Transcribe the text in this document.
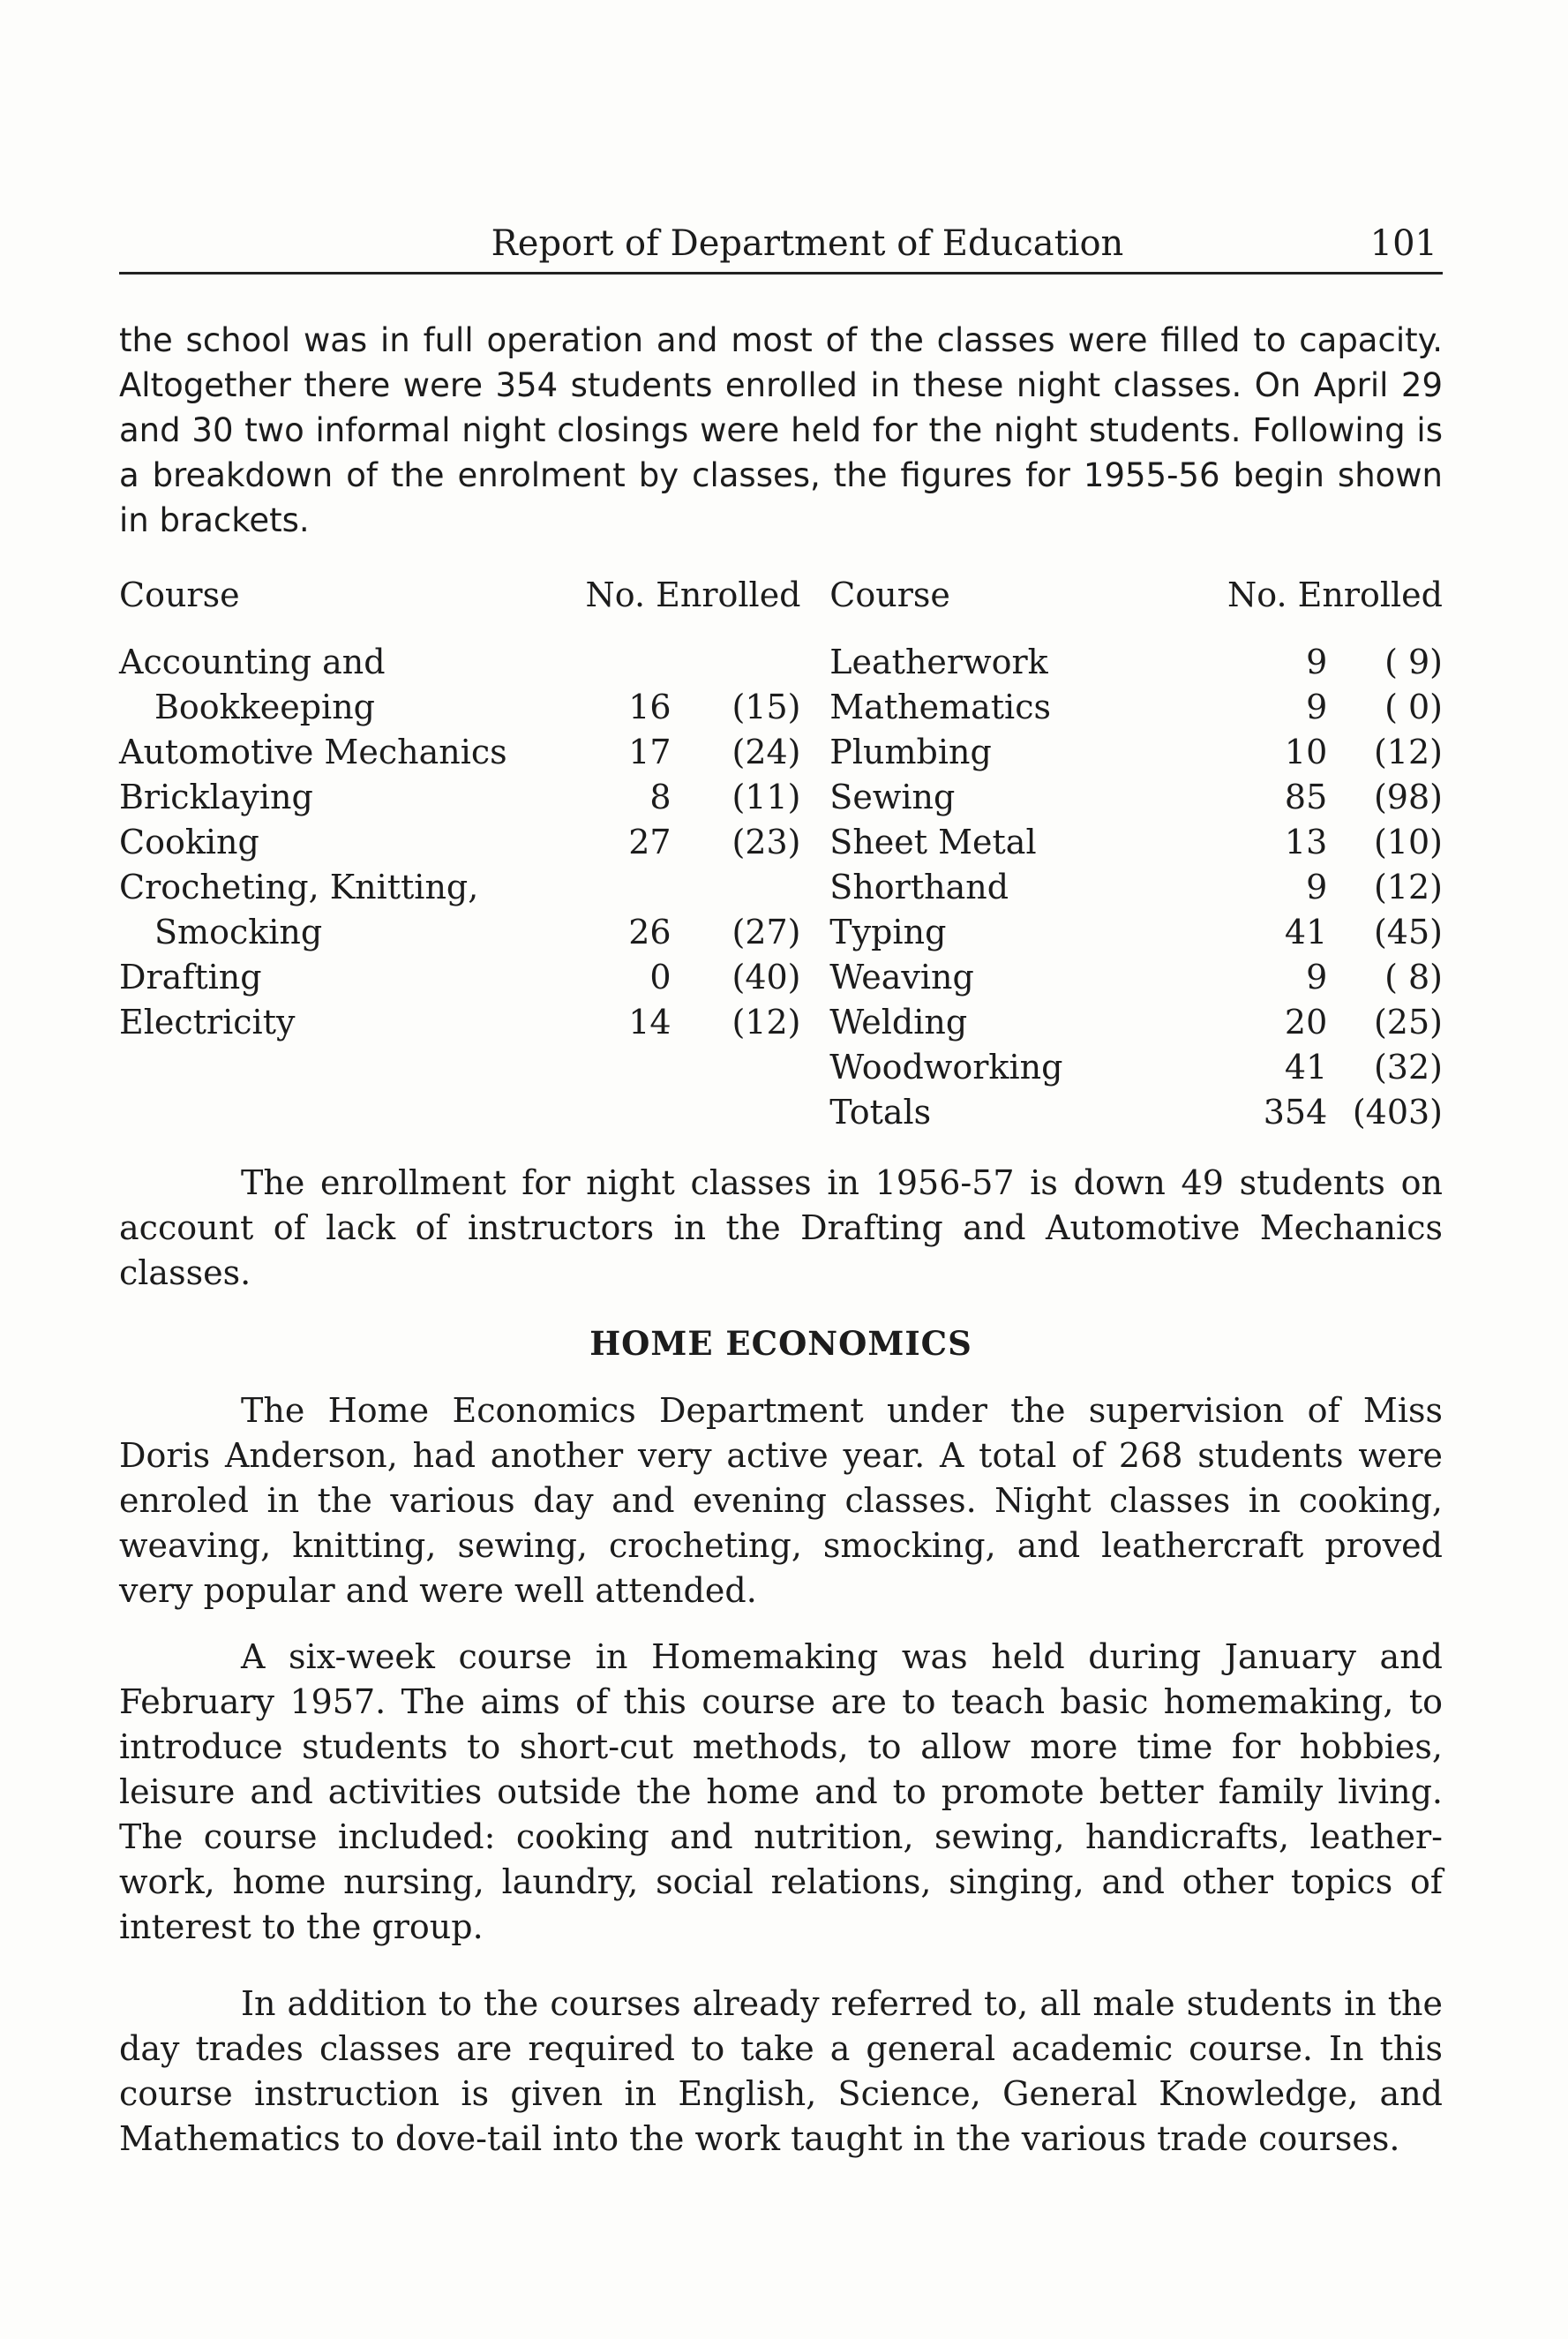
Report of Department of Education	101

the school was in full operation and most of the classes were filled to capacity. Altogether there were 354 students enrolled in these night classes. On April 29 and 30 two informal night closings were held for the night students. Following is a breakdown of the enrolment by classes, the figures for 1955-56 begin shown in brackets.

Course	No. Enrolled			Course	No. Enrolled	

Accounting and				Leatherwork	9	( 9)
Bookkeeping	16	(15)		Mathematics	9	( 0)
Automotive Mechanics	17	(24)		Plumbing	10	(12)
Bricklaying	8	(11)		Sewing	85	(98)
Cooking	27	(23)		Sheet Metal	13	(10)
Crocheting, Knitting,				Shorthand	9	(12)
Smocking	26	(27)		Typing	41	(45)
Drafting	0	(40)		Weaving	9	( 8)
Electricity	14	(12)		Welding	20	(25)
				Woodworking	41	(32)
				Totals	354	(403)

The enrollment for night classes in 1956-57 is down 49 students on account of lack of instructors in the Drafting and Automotive Mechanics classes.

HOME ECONOMICS

The Home Economics Department under the supervision of Miss Doris Anderson, had another very active year. A total of 268 students were enroled in the various day and evening classes. Night classes in cooking, weaving, knitting, sewing, crocheting, smocking, and leathercraft proved very popular and were well attended.

A six-week course in Homemaking was held during January and February 1957. The aims of this course are to teach basic homemaking, to introduce students to short-cut methods, to allow more time for hobbies, leisure and activities outside the home and to promote better family living. The course included: cooking and nutrition, sewing, handicrafts, leather-work, home nursing, laundry, social relations, singing, and other topics of interest to the group.

In addition to the courses already referred to, all male students in the day trades classes are required to take a general academic course. In this course instruction is given in English, Science, General Knowledge, and Mathematics to dove-tail into the work taught in the various trade courses.
